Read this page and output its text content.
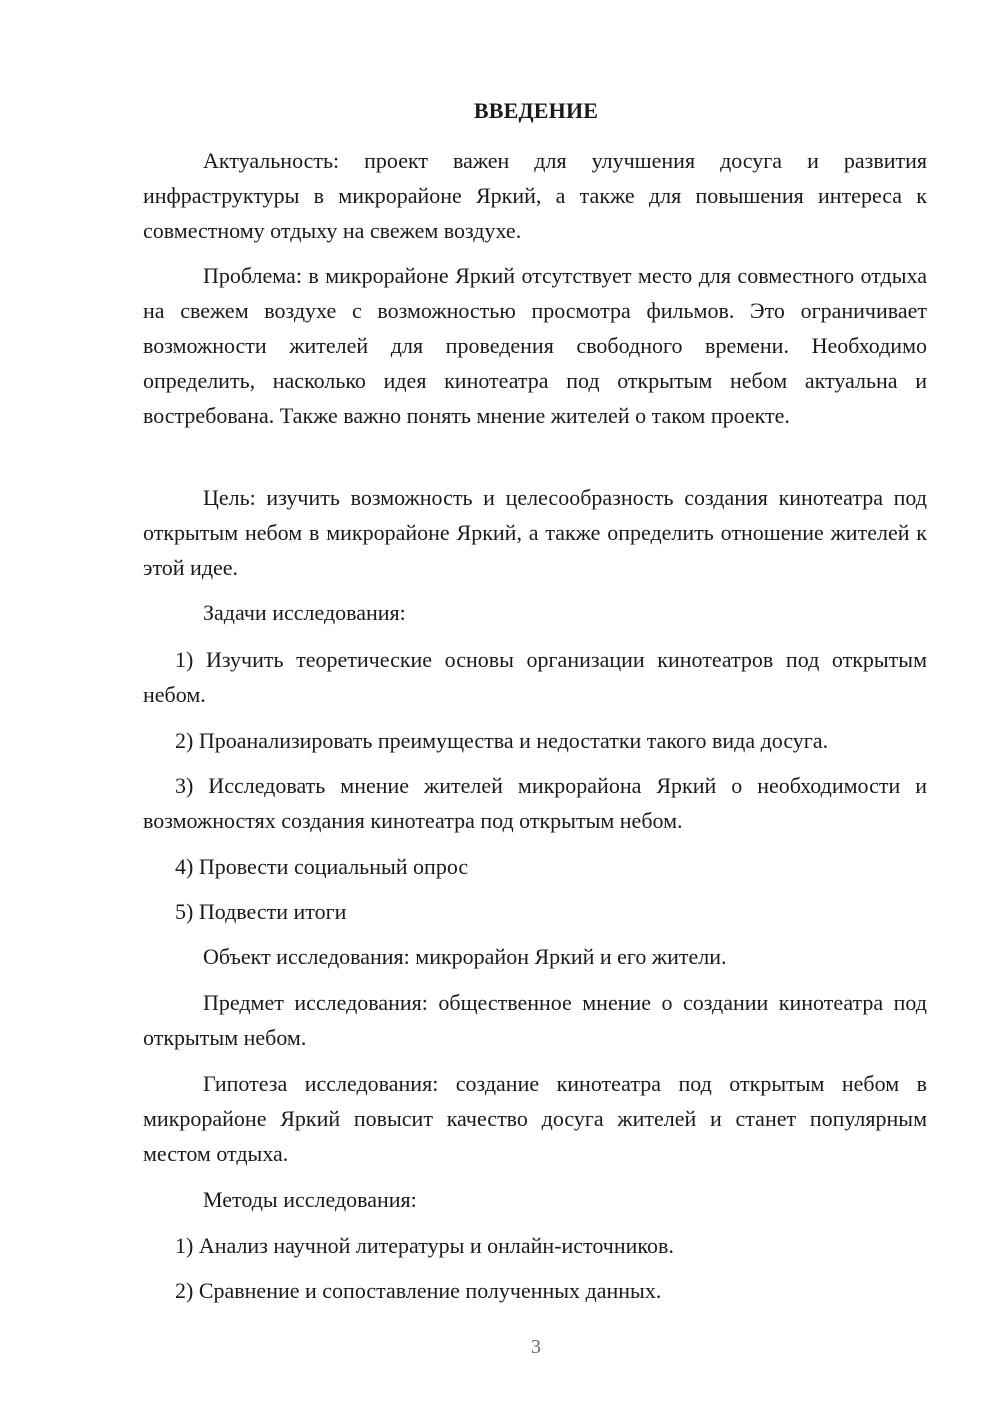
ВВЕДЕНИЕ

Актуальность: проект важен для улучшения досуга и развития инфраструктуры в микрорайоне Яркий, а также для повышения интереса к совместному отдыху на свежем воздухе.

Проблема: в микрорайоне Яркий отсутствует место для совместного отдыха на свежем воздухе с возможностью просмотра фильмов. Это ограничивает возможности жителей для проведения свободного времени. Необходимо определить, насколько идея кинотеатра под открытым небом актуальна и востребована. Также важно понять мнение жителей о таком проекте.

Цель: изучить возможность и целесообразность создания кинотеатра под открытым небом в микрорайоне Яркий, а также определить отношение жителей к этой идее.

Задачи исследования:

1) Изучить теоретические основы организации кинотеатров под открытым небом.

2) Проанализировать преимущества и недостатки такого вида досуга.

3) Исследовать мнение жителей микрорайона Яркий о необходимости и возможностях создания кинотеатра под открытым небом.

4) Провести социальный опрос

5) Подвести итоги

Объект исследования: микрорайон Яркий и его жители.

Предмет исследования: общественное мнение о создании кинотеатра под открытым небом.

Гипотеза исследования: создание кинотеатра под открытым небом в микрорайоне Яркий повысит качество досуга жителей и станет популярным местом отдыха.

Методы исследования:

1) Анализ научной литературы и онлайн-источников.

2) Сравнение и сопоставление полученных данных.

3
